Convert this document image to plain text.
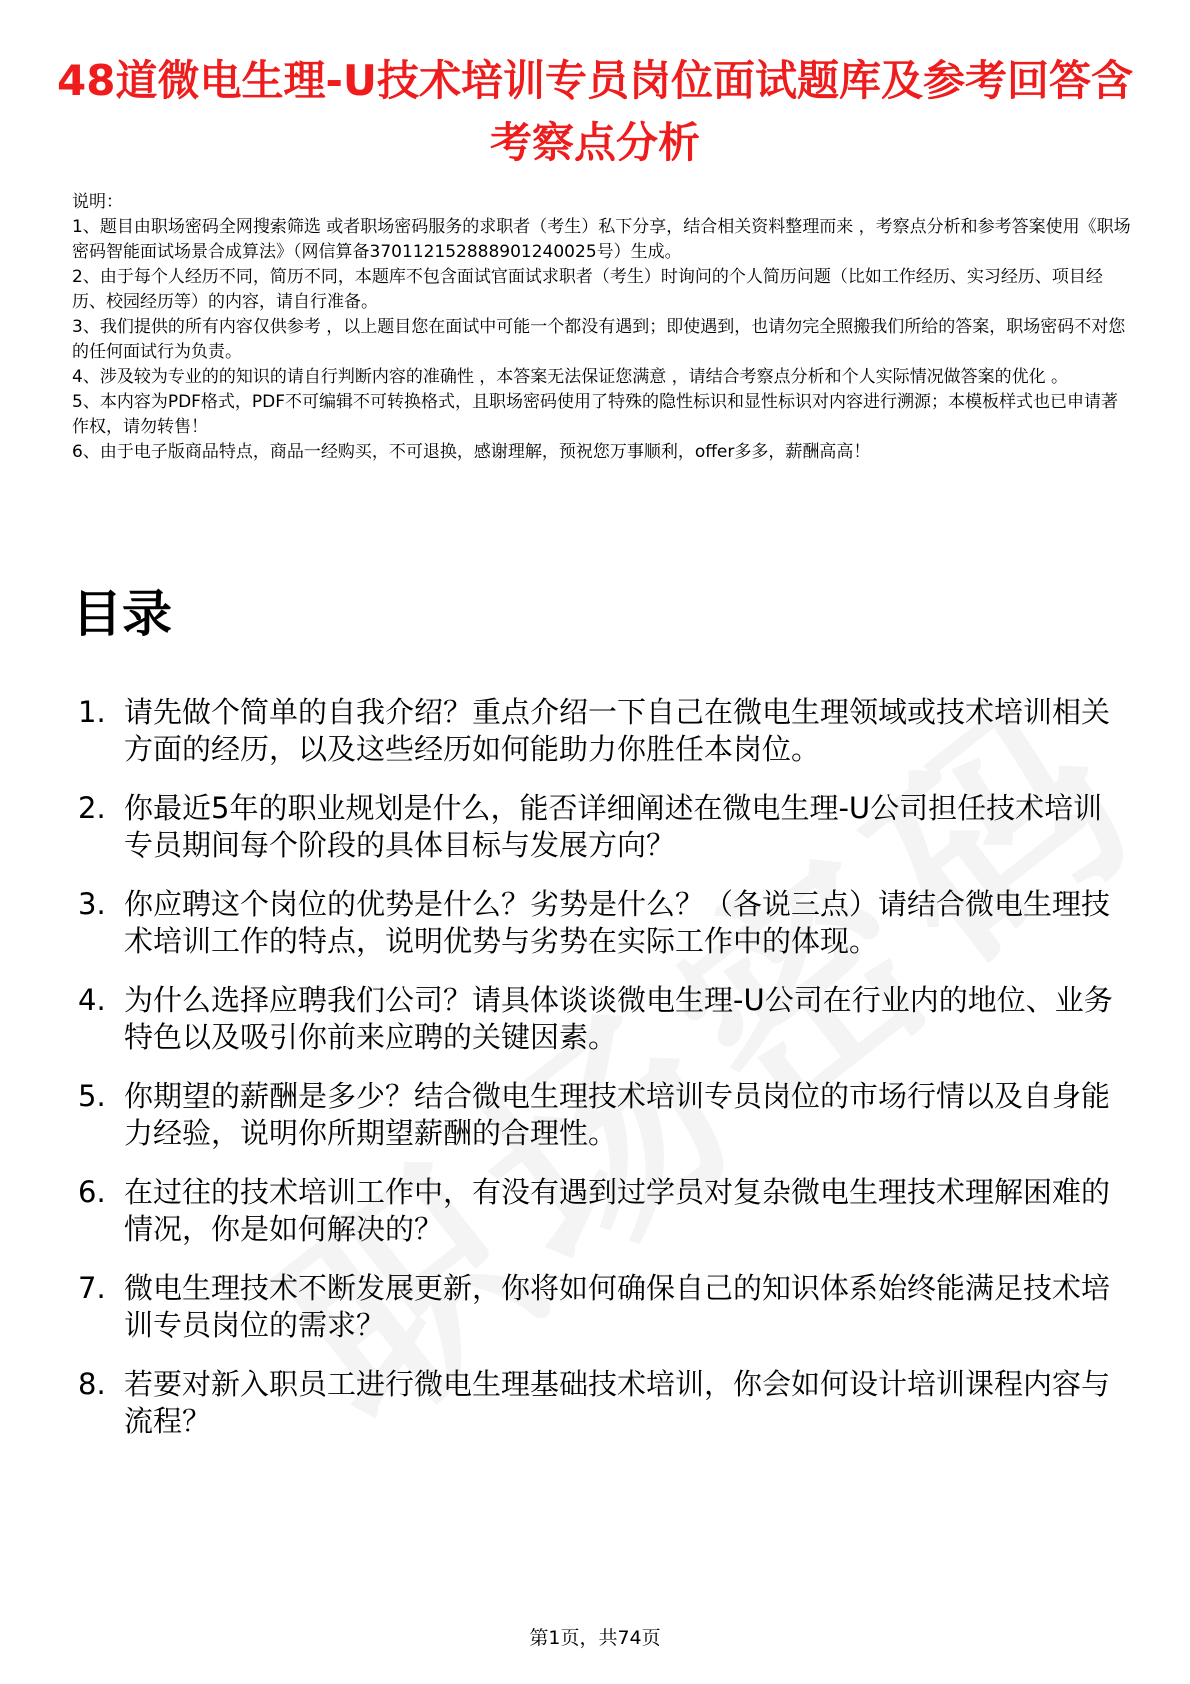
48道微电生理-U技术培训专员岗位面试题库及参考回答含考察点分析

说明：

1、题目由职场密码全网搜索筛选 或者职场密码服务的求职者（考生）私下分享，结合相关资料整理而来 ，考察点分析和参考答案使用《职场密码智能面试场景合成算法》（网信算备370112152888901240025号）生成。

2、由于每个人经历不同，简历不同，本题库不包含面试官面试求职者（考生）时询问的个人简历问题（比如工作经历、实习经历、项目经历、校园经历等）的内容，请自行准备。

3、我们提供的所有内容仅供参考 ，以上题目您在面试中可能一个都没有遇到；即使遇到，也请勿完全照搬我们所给的答案，职场密码不对您的任何面试行为负责。

4、涉及较为专业的的知识的请自行判断内容的准确性 ，本答案无法保证您满意 ，请结合考察点分析和个人实际情况做答案的优化 。

5、本内容为PDF格式，PDF不可编辑不可转换格式，且职场密码使用了特殊的隐性标识和显性标识对内容进行溯源；本模板样式也已申请著作权，请勿转售！

6、由于电子版商品特点，商品一经购买，不可退换，感谢理解，预祝您万事顺利，offer多多，薪酬高高！

目录
1. 请先做个简单的自我介绍？重点介绍一下自己在微电生理领域或技术培训相关方面的经历，以及这些经历如何能助力你胜任本岗位。
2. 你最近5年的职业规划是什么，能否详细阐述在微电生理-U公司担任技术培训专员期间每个阶段的具体目标与发展方向？
3. 你应聘这个岗位的优势是什么？劣势是什么？（各说三点）请结合微电生理技术培训工作的特点，说明优势与劣势在实际工作中的体现。
4. 为什么选择应聘我们公司？请具体谈谈微电生理-U公司在行业内的地位、业务特色以及吸引你前来应聘的关键因素。
5. 你期望的薪酬是多少？结合微电生理技术培训专员岗位的市场行情以及自身能力经验，说明你所期望薪酬的合理性。
6. 在过往的技术培训工作中，有没有遇到过学员对复杂微电生理技术理解困难的情况，你是如何解决的？
7. 微电生理技术不断发展更新，你将如何确保自己的知识体系始终能满足技术培训专员岗位的需求？
8. 若要对新入职员工进行微电生理基础技术培训，你会如何设计培训课程内容与流程？
第1页，共74页
